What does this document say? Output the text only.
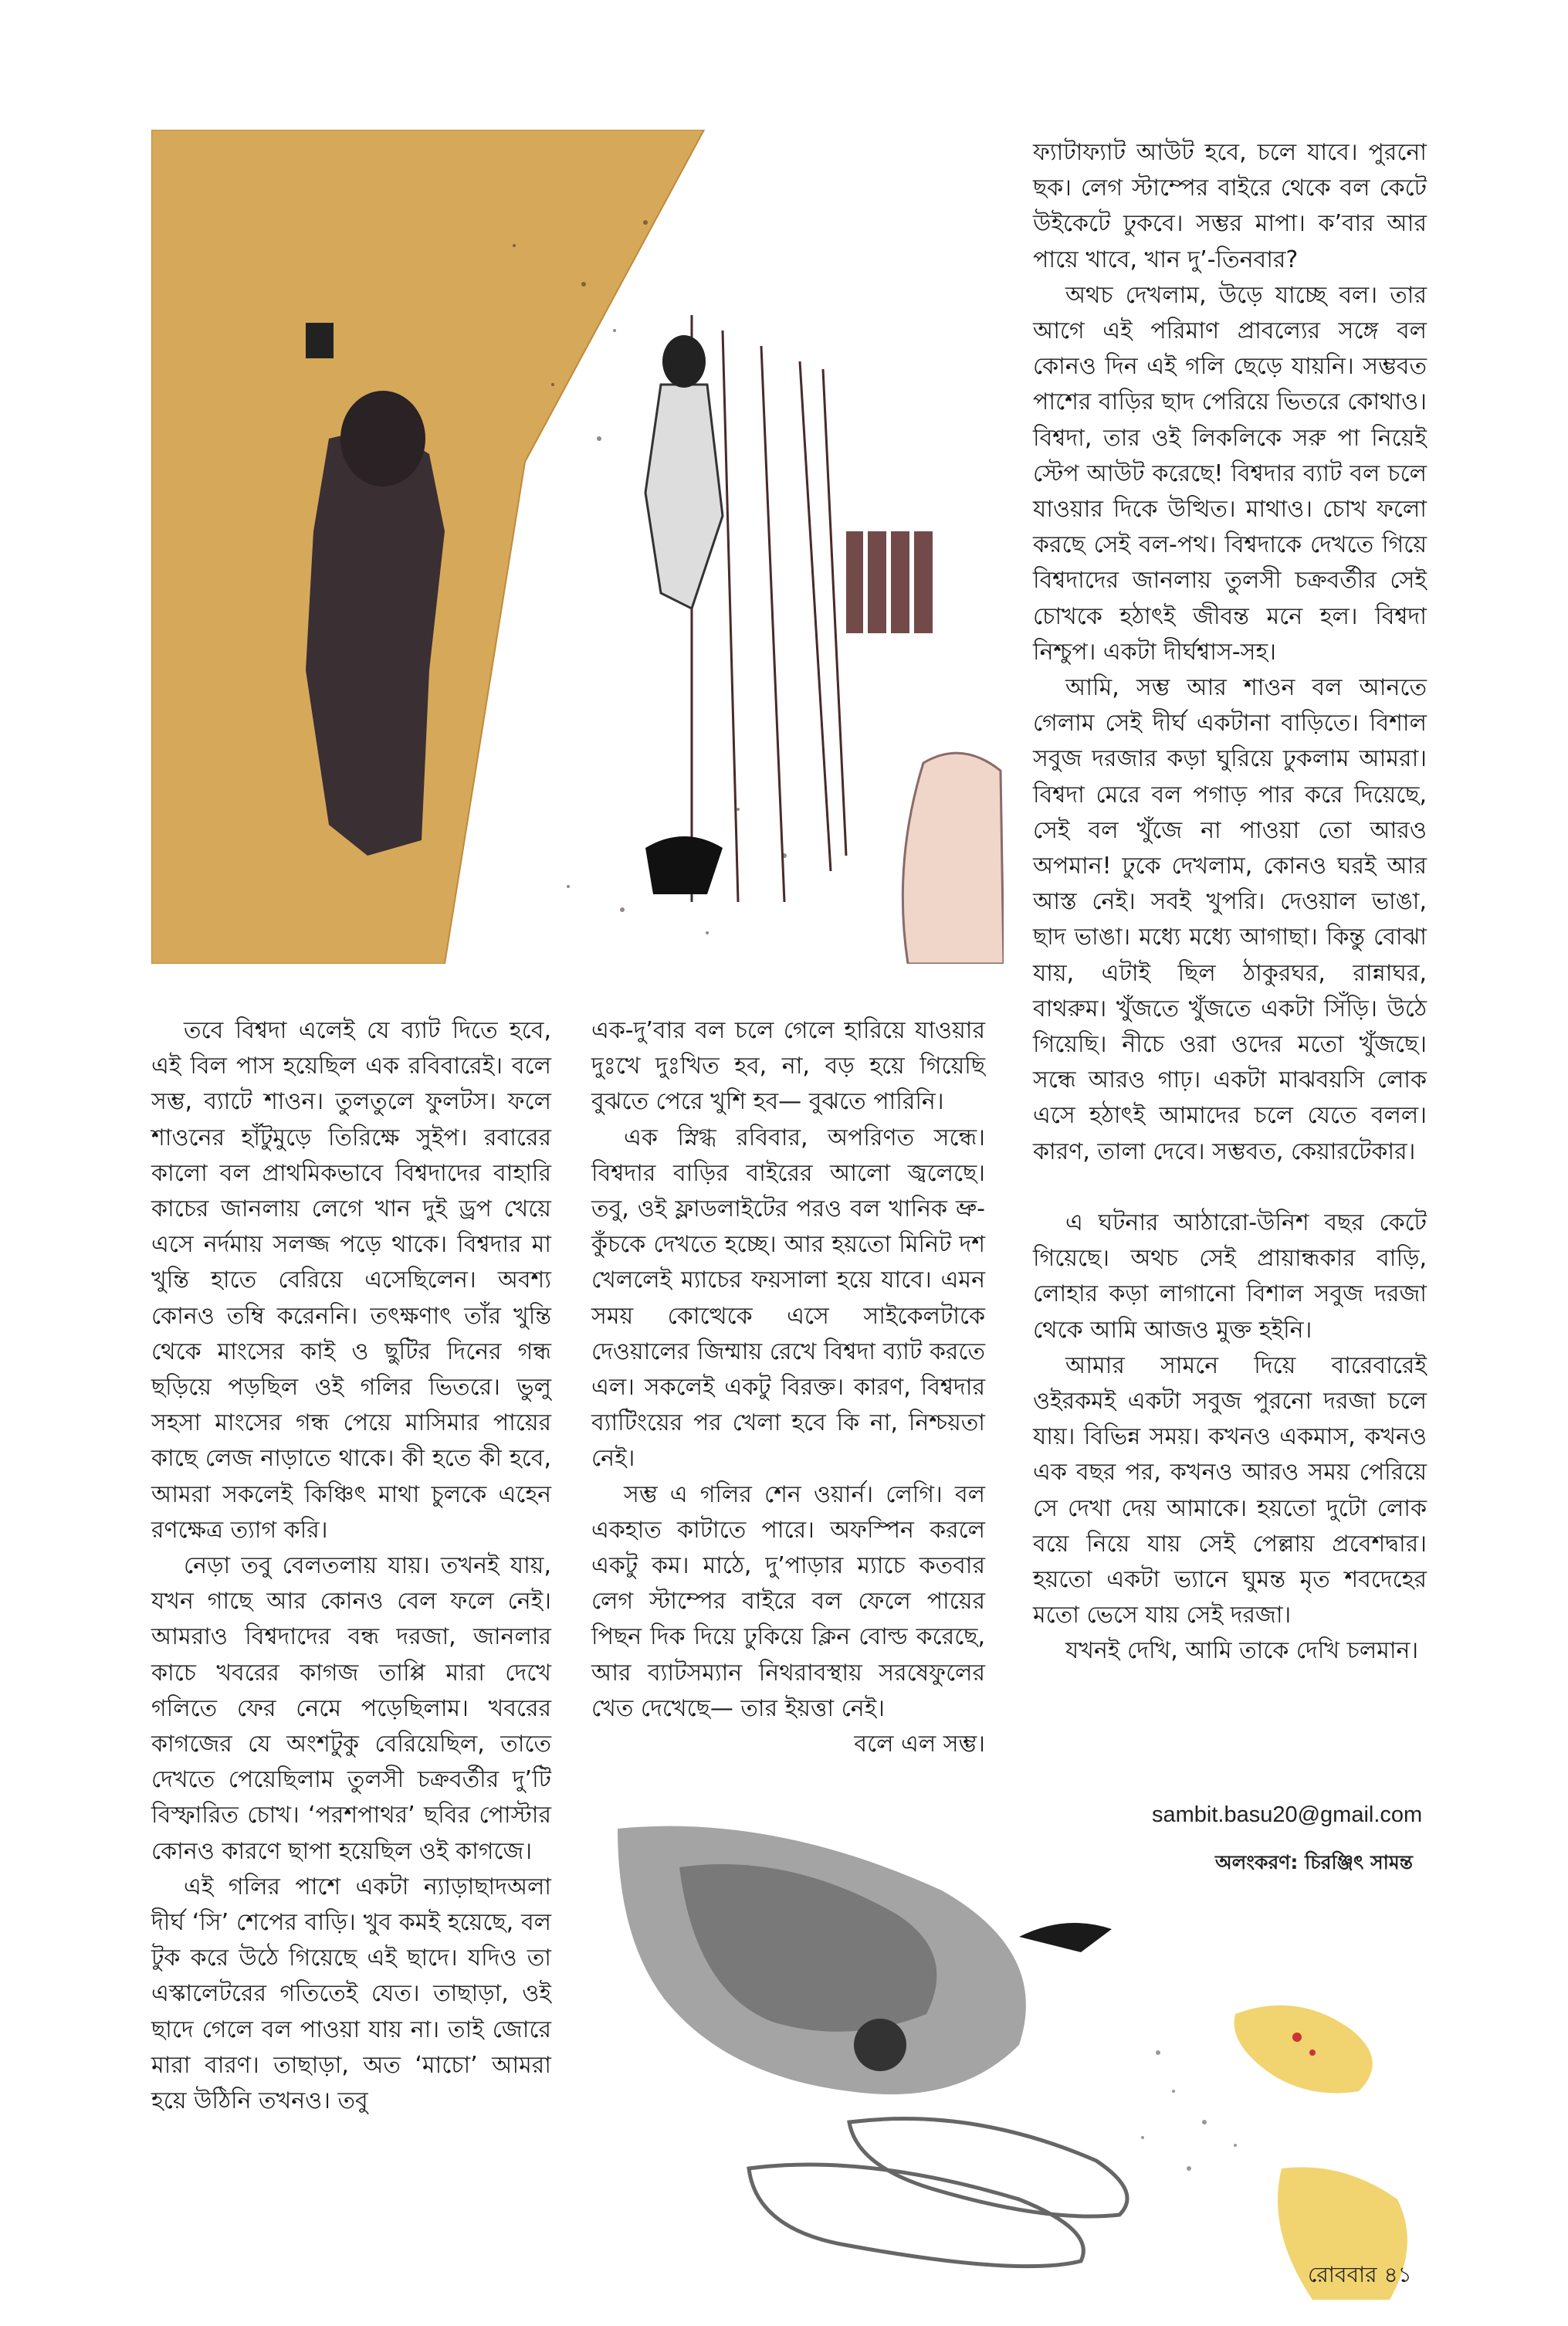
ফ্যাটাফ্যাট আউট হবে, চলে যাবে। পুরনো ছক। লেগ স্টাম্পের বাইরে থেকে বল কেটে উইকেটে ঢুকবে। সম্ভর মাপা। ক’বার আর পায়ে খাবে, খান দু’-তিনবার?

অথচ দেখলাম, উড়ে যাচ্ছে বল। তার আগে এই পরিমাণ প্রাবল্যের সঙ্গে বল কোনও দিন এই গলি ছেড়ে যায়নি। সম্ভবত পাশের বাড়ির ছাদ পেরিয়ে ভিতরে কোথাও। বিশ্বদা, তার ওই লিকলিকে সরু পা নিয়েই স্টেপ আউট করেছে! বিশ্বদার ব্যাট বল চলে যাওয়ার দিকে উত্থিত। মাথাও। চোখ ফলো করছে সেই বল-পথ। বিশ্বদাকে দেখতে গিয়ে বিশ্বদাদের জানলায় তুলসী চক্রবর্তীর সেই চোখকে হঠাৎই জীবন্ত মনে হল। বিশ্বদা নিশ্চুপ। একটা দীর্ঘশ্বাস-সহ।

আমি, সম্ভ আর শাওন বল আনতে গেলাম সেই দীর্ঘ একটানা বাড়িতে। বিশাল সবুজ দরজার কড়া ঘুরিয়ে ঢুকলাম আমরা। বিশ্বদা মেরে বল পগাড় পার করে দিয়েছে, সেই বল খুঁজে না পাওয়া তো আরও অপমান! ঢুকে দেখলাম, কোনও ঘরই আর আস্ত নেই। সবই খুপরি। দেওয়াল ভাঙা, ছাদ ভাঙা। মধ্যে মধ্যে আগাছা। কিন্তু বোঝা যায়, এটাই ছিল ঠাকুরঘর, রান্নাঘর, বাথরুম। খুঁজতে খুঁজতে একটা সিঁড়ি। উঠে গিয়েছি। নীচে ওরা ওদের মতো খুঁজছে। সন্ধে আরও গাঢ়। একটা মাঝবয়সি লোক এসে হঠাৎই আমাদের চলে যেতে বলল। কারণ, তালা দেবে। সম্ভবত, কেয়ারটেকার।

এ ঘটনার আঠারো-উনিশ বছর কেটে গিয়েছে। অথচ সেই প্রায়ান্ধকার বাড়ি, লোহার কড়া লাগানো বিশাল সবুজ দরজা থেকে আমি আজও মুক্ত হইনি।

আমার সামনে দিয়ে বারেবারেই ওইরকমই একটা সবুজ পুরনো দরজা চলে যায়। বিভিন্ন সময়। কখনও একমাস, কখনও এক বছর পর, কখনও আরও সময় পেরিয়ে সে দেখা দেয় আমাকে। হয়তো দুটো লোক বয়ে নিয়ে যায় সেই পেল্লায় প্রবেশদ্বার। হয়তো একটা ভ্যানে ঘুমন্ত মৃত শবদেহের মতো ভেসে যায় সেই দরজা।

যখনই দেখি, আমি তাকে দেখি চলমান।

তবে বিশ্বদা এলেই যে ব্যাট দিতে হবে, এই বিল পাস হয়েছিল এক রবিবারেই। বলে সম্ভ, ব্যাটে শাওন। তুলতুলে ফুলটস। ফলে শাওনের হাঁটুমুড়ে তিরিক্ষে সুইপ। রবারের কালো বল প্রাথমিকভাবে বিশ্বদাদের বাহারি কাচের জানলায় লেগে খান দুই ড্রপ খেয়ে এসে নর্দমায় সলজ্জ পড়ে থাকে। বিশ্বদার মা খুন্তি হাতে বেরিয়ে এসেছিলেন। অবশ্য কোনও তম্বি করেননি। তৎক্ষণাৎ তাঁর খুন্তি থেকে মাংসের কাই ও ছুটির দিনের গন্ধ ছড়িয়ে পড়ছিল ওই গলির ভিতরে। ভুলু সহসা মাংসের গন্ধ পেয়ে মাসিমার পায়ের কাছে লেজ নাড়াতে থাকে। কী হতে কী হবে, আমরা সকলেই কিঞ্চিৎ মাথা চুলকে এহেন রণক্ষেত্র ত্যাগ করি।

নেড়া তবু বেলতলায় যায়। তখনই যায়, যখন গাছে আর কোনও বেল ফলে নেই। আমরাও বিশ্বদাদের বন্ধ দরজা, জানলার কাচে খবরের কাগজ তাপ্পি মারা দেখে গলিতে ফের নেমে পড়েছিলাম। খবরের কাগজের যে অংশটুকু বেরিয়েছিল, তাতে দেখতে পেয়েছিলাম তুলসী চক্রবর্তীর দু’টি বিস্ফারিত চোখ। ‘পরশপাথর’ ছবির পোস্টার কোনও কারণে ছাপা হয়েছিল ওই কাগজে।

এই গলির পাশে একটা ন্যাড়াছাদঅলা দীর্ঘ ‘সি’ শেপের বাড়ি। খুব কমই হয়েছে, বল টুক করে উঠে গিয়েছে এই ছাদে। যদিও তা এস্কালেটরের গতিতেই যেত। তাছাড়া, ওই ছাদে গেলে বল পাওয়া যায় না। তাই জোরে মারা বারণ। তাছাড়া, অত ‘মাচো’ আমরা হয়ে উঠিনি তখনও। তবু

এক-দু’বার বল চলে গেলে হারিয়ে যাওয়ার দুঃখে দুঃখিত হব, না, বড় হয়ে গিয়েছি বুঝতে পেরে খুশি হব— বুঝতে পারিনি।

এক স্নিগ্ধ রবিবার, অপরিণত সন্ধে। বিশ্বদার বাড়ির বাইরের আলো জ্বলেছে। তবু, ওই ফ্লাডলাইটের পরও বল খানিক ভ্রু-কুঁচকে দেখতে হচ্ছে। আর হয়তো মিনিট দশ খেললেই ম্যাচের ফয়সালা হয়ে যাবে। এমন সময় কোত্থেকে এসে সাইকেলটাকে দেওয়ালের জিম্মায় রেখে বিশ্বদা ব্যাট করতে এল। সকলেই একটু বিরক্ত। কারণ, বিশ্বদার ব্যাটিংয়ের পর খেলা হবে কি না, নিশ্চয়তা নেই।

সম্ভ এ গলির শেন ওয়ার্ন। লেগি। বল একহাত কাটাতে পারে। অফস্পিন করলে একটু কম। মাঠে, দু’পাড়ার ম্যাচে কতবার লেগ স্টাম্পের বাইরে বল ফেলে পায়ের পিছন দিক দিয়ে ঢুকিয়ে ক্লিন বোল্ড করেছে, আর ব্যাটসম্যান নিথরাবস্থায় সরষেফুলের খেত দেখেছে— তার ইয়ত্তা নেই।

বলে এল সম্ভ।

sambit.basu20@gmail.com
অলংকরণ: চিরঞ্জিৎ সামন্ত
রোববার ৪১
